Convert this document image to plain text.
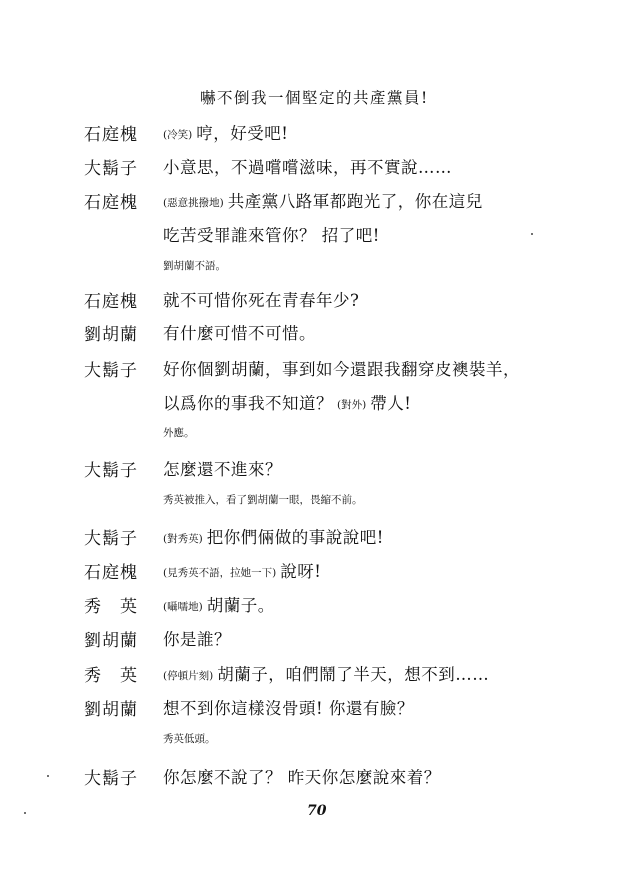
嚇不倒我一個堅定的共產黨員!
石庭槐	(冷笑) 哼，好受吧!
大鬍子	小意思，不過嚐嚐滋味，再不實說……
石庭槐	(惡意挑撥地) 共產黨八路軍都跑光了，你在這兒
吃苦受罪誰來管你？ 招了吧!
劉胡蘭不語。
石庭槐	就不可惜你死在青春年少?
劉胡蘭	有什麼可惜不可惜。
大鬍子	好你個劉胡蘭，事到如今還跟我翻穿皮襖裝羊，
以爲你的事我不知道？ (對外) 帶人!
外應。
大鬍子	怎麼還不進來？
秀英被推入，看了劉胡蘭一眼，畏縮不前。
大鬍子	(對秀英) 把你們倆做的事說說吧!
石庭槐	(見秀英不語，拉她一下) 說呀!
秀　英	(囁嚅地) 胡蘭子。
劉胡蘭	你是誰？
秀　英	(停頓片刻) 胡蘭子，咱們鬧了半天，想不到……
劉胡蘭	想不到你這樣沒骨頭! 你還有臉？
秀英低頭。
大鬍子	你怎麼不說了？ 昨天你怎麼說來着？
70
